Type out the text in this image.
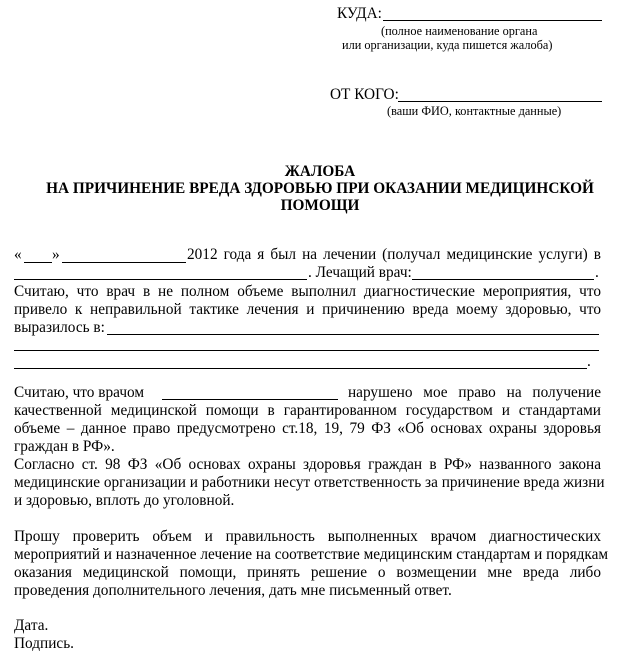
КУДА:
(полное наименование органа
или организации, куда пишется жалоба)
ОТ КОГО:
(ваши ФИО, контактные данные)
ЖАЛОБА
НА ПРИЧИНЕНИЕ ВРЕДА ЗДОРОВЬЮ ПРИ ОКАЗАНИИ МЕДИЦИНСКОЙ
ПОМОЩИ
« »	2012 года я был на лечении (получал медицинские услуги) в
. Лечащий врач:	.
Считаю, что врач в не полном объеме выполнил диагностические мероприятия, что
привело к неправильной тактике лечения и причинению вреда моему здоровью, что
выразилось в:
.
Считаю, что врачом	нарушено мое право на получение
качественной медицинской помощи в гарантированном государством и стандартами
объеме – данное право предусмотрено ст.18, 19, 79 ФЗ «Об основах охраны здоровья
граждан в РФ».
Согласно ст. 98 ФЗ «Об основах охраны здоровья граждан в РФ» названного закона
медицинские организации и работники несут ответственность за причинение вреда жизни
и здоровью, вплоть до уголовной.
Прошу проверить объем и правильность выполненных врачом диагностических
мероприятий и назначенное лечение на соответствие медицинским стандартам и порядкам
оказания медицинской помощи, принять решение о возмещении мне вреда либо
проведения дополнительного лечения, дать мне письменный ответ.
Дата.
Подпись.
